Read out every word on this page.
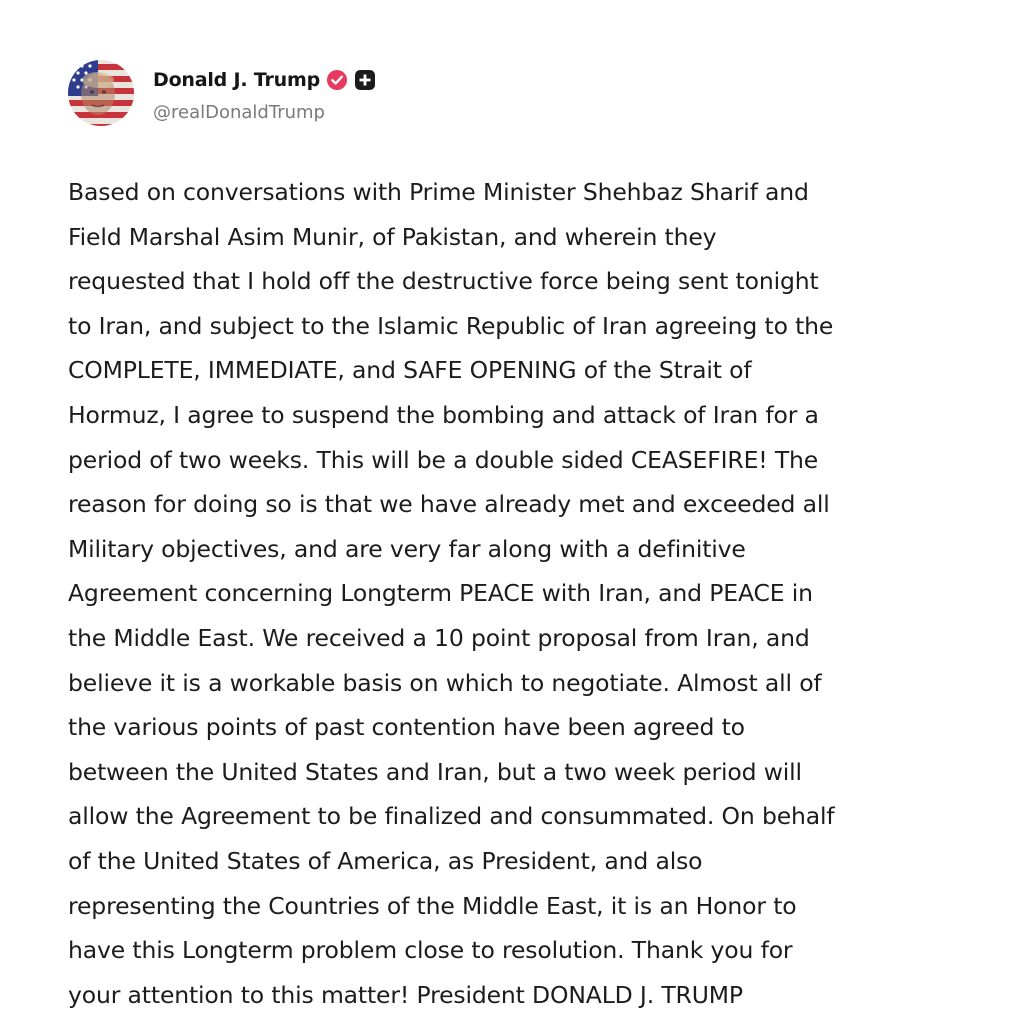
Donald J. Trump
@realDonaldTrump
Based on conversations with Prime Minister Shehbaz Sharif and
Field Marshal Asim Munir, of Pakistan, and wherein they
requested that I hold off the destructive force being sent tonight
to Iran, and subject to the Islamic Republic of Iran agreeing to the
COMPLETE, IMMEDIATE, and SAFE OPENING of the Strait of
Hormuz, I agree to suspend the bombing and attack of Iran for a
period of two weeks. This will be a double sided CEASEFIRE! The
reason for doing so is that we have already met and exceeded all
Military objectives, and are very far along with a definitive
Agreement concerning Longterm PEACE with Iran, and PEACE in
the Middle East. We received a 10 point proposal from Iran, and
believe it is a workable basis on which to negotiate. Almost all of
the various points of past contention have been agreed to
between the United States and Iran, but a two week period will
allow the Agreement to be finalized and consummated. On behalf
of the United States of America, as President, and also
representing the Countries of the Middle East, it is an Honor to
have this Longterm problem close to resolution. Thank you for
your attention to this matter! President DONALD J. TRUMP
